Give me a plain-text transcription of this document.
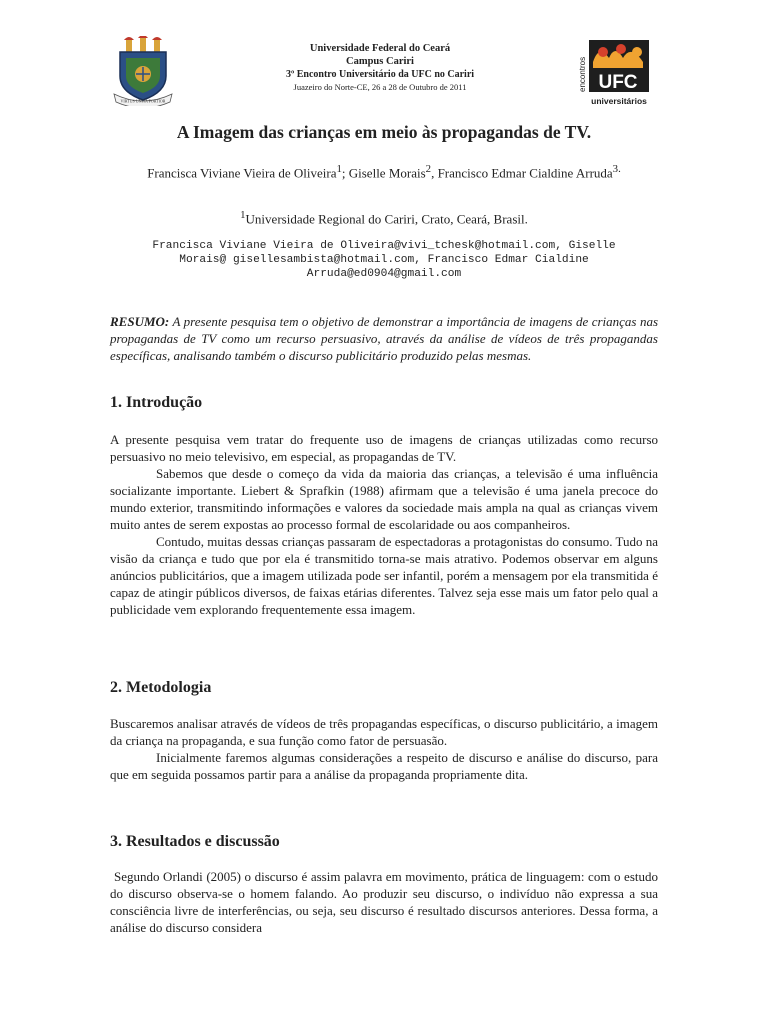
VIRTUS UNITA FORTIOR
Universidade Federal do Ceará
Campus Cariri
3º Encontro Universitário da UFC no Cariri
Juazeiro do Norte-CE, 26 a 28 de Outubro de 2011	UFC
encontros
universitários
A Imagem das crianças em meio às propagandas de TV.
Francisca Viviane Vieira de Oliveira$^1$; Giselle Morais$^2$, Francisco Edmar Cialdine Arruda$^{3.}$
$^1$Universidade Regional do Cariri, Crato, Ceará, Brasil.
Francisca Viviane Vieira de Oliveira@vivi_tchesk@hotmail.com, Giselle
Morais@ gisellesambista@hotmail.com, Francisco Edmar Cialdine
Arruda@ed0904@gmail.com
RESUMO: A presente pesquisa tem o objetivo de demonstrar a importância de imagens de crianças nas propagandas de TV como um recurso persuasivo, através da análise de vídeos de três propagandas específicas, analisando também o discurso publicitário produzido pelas mesmas.
1. Introdução

A presente pesquisa vem tratar do frequente uso de imagens de crianças utilizadas como recurso persuasivo no meio televisivo, em especial, as propagandas de TV.

Sabemos que desde o começo da vida da maioria das crianças, a televisão é uma influência socializante importante. Liebert & Sprafkin (1988) afirmam que a televisão é uma janela precoce do mundo exterior, transmitindo informações e valores da sociedade mais ampla na qual as crianças vivem muito antes de serem expostas ao processo formal de escolaridade ou aos companheiros.

Contudo, muitas dessas crianças passaram de espectadoras a protagonistas do consumo. Tudo na visão da criança e tudo que por ela é transmitido torna-se mais atrativo. Podemos observar em alguns anúncios publicitários, que a imagem utilizada pode ser infantil, porém a mensagem por ela transmitida é capaz de atingir públicos diversos, de faixas etárias diferentes. Talvez seja esse mais um fator pelo qual a publicidade vem explorando frequentemente essa imagem.

2. Metodologia

Buscaremos analisar através de vídeos de três propagandas específicas, o discurso publicitário, a imagem da criança na propaganda, e sua função como fator de persuasão.

Inicialmente faremos algumas considerações a respeito de discurso e análise do discurso, para que em seguida possamos partir para a análise da propaganda propriamente dita.

3. Resultados e discussão

Segundo Orlandi (2005) o discurso é assim palavra em movimento, prática de linguagem: com o estudo do discurso observa-se o homem falando. Ao produzir seu discurso, o indivíduo não expressa a sua consciência livre de interferências, ou seja, seu discurso é resultado discursos anteriores. Dessa forma, a análise do discurso considera
